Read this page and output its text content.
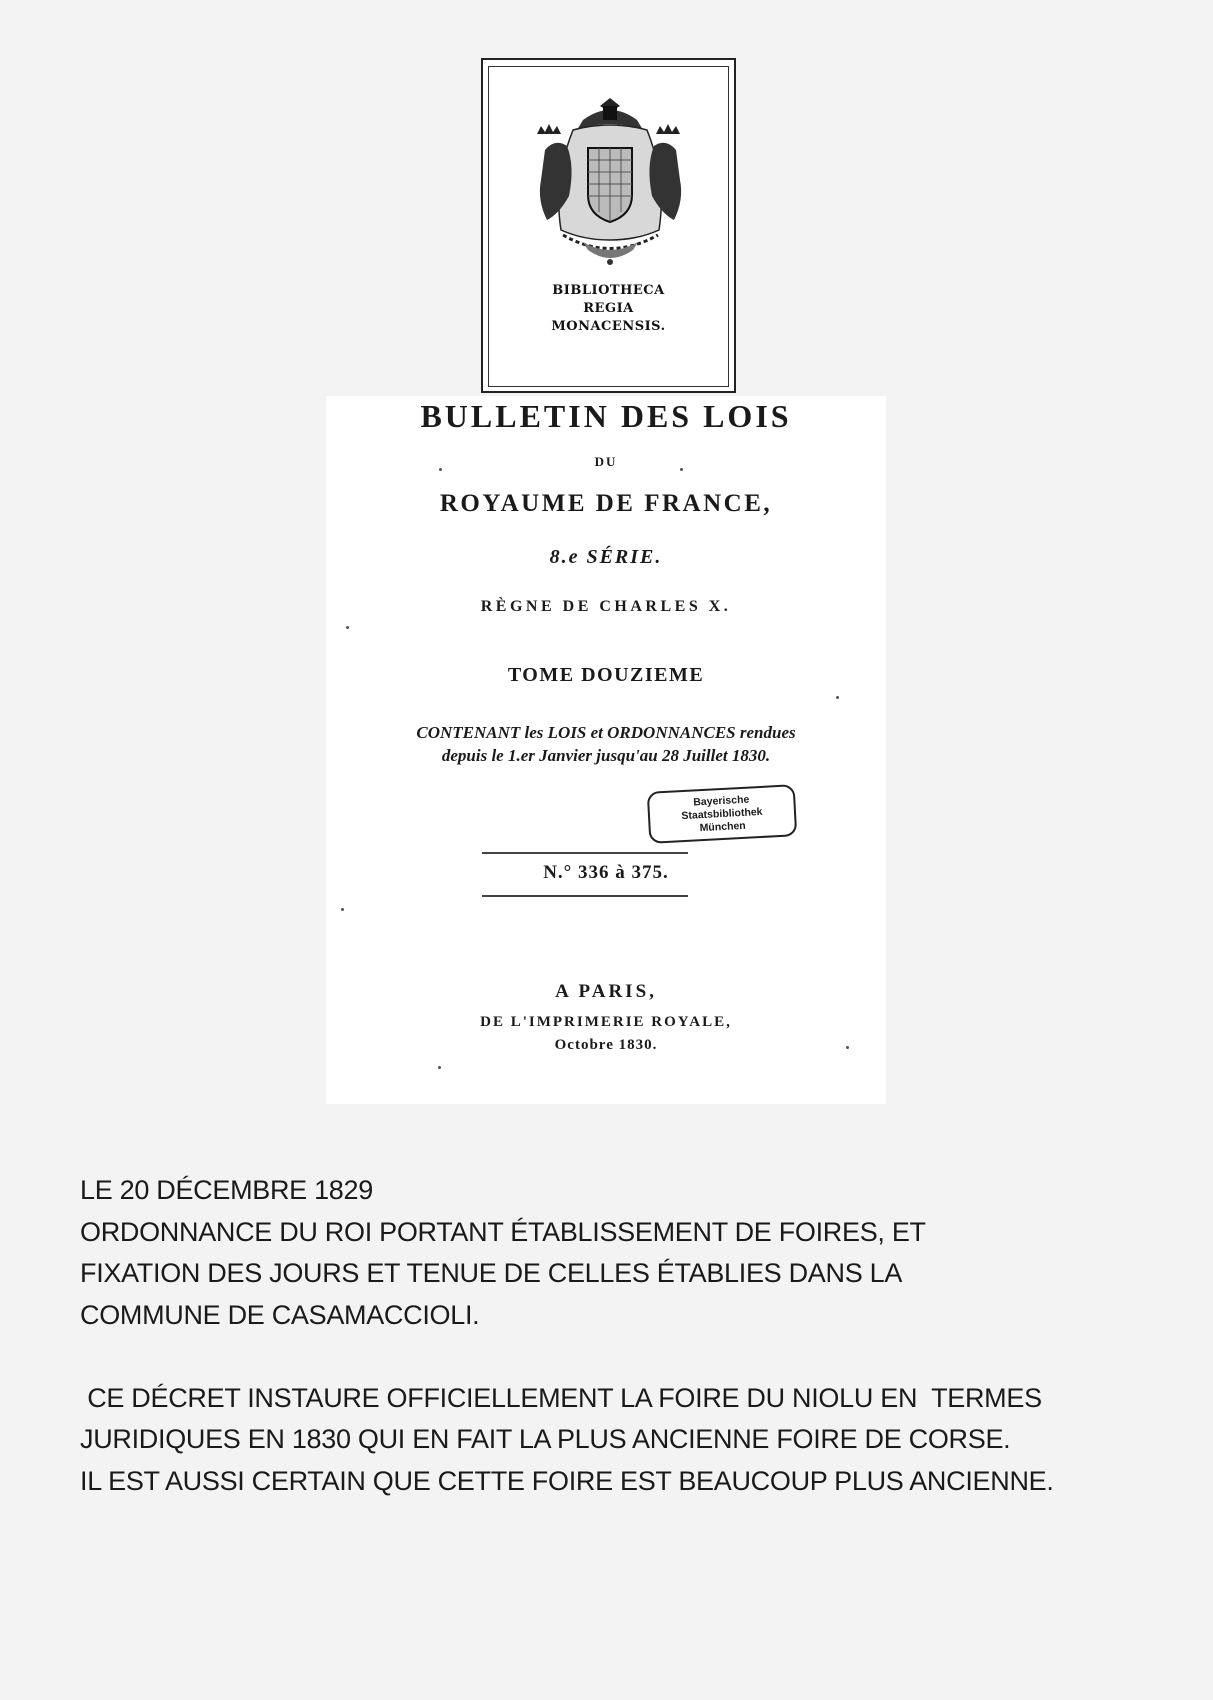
BIBLIOTHECA
REGIA
MONACENSIS.
BULLETIN DES LOIS
DU
ROYAUME DE FRANCE,
8.e SÉRIE.
RÈGNE DE CHARLES X.
TOME DOUZIEME
CONTENANT les LOIS et ORDONNANCES rendues
depuis le 1.er Janvier jusqu'au 28 Juillet 1830.
Bayerische
Staatsbibliothek
München
N.° 336 à 375.
A PARIS,
DE L'IMPRIMERIE ROYALE,
Octobre 1830.
LE 20 DÉCEMBRE 1829
ORDONNANCE DU ROI PORTANT ÉTABLISSEMENT DE FOIRES, ET
FIXATION DES JOURS ET TENUE DE CELLES ÉTABLIES DANS LA
COMMUNE DE CASAMACCIOLI.
CE DÉCRET INSTAURE OFFICIELLEMENT LA FOIRE DU NIOLU EN  TERMES
JURIDIQUES EN 1830 QUI EN FAIT LA PLUS ANCIENNE FOIRE DE CORSE.
IL EST AUSSI CERTAIN QUE CETTE FOIRE EST BEAUCOUP PLUS ANCIENNE.
